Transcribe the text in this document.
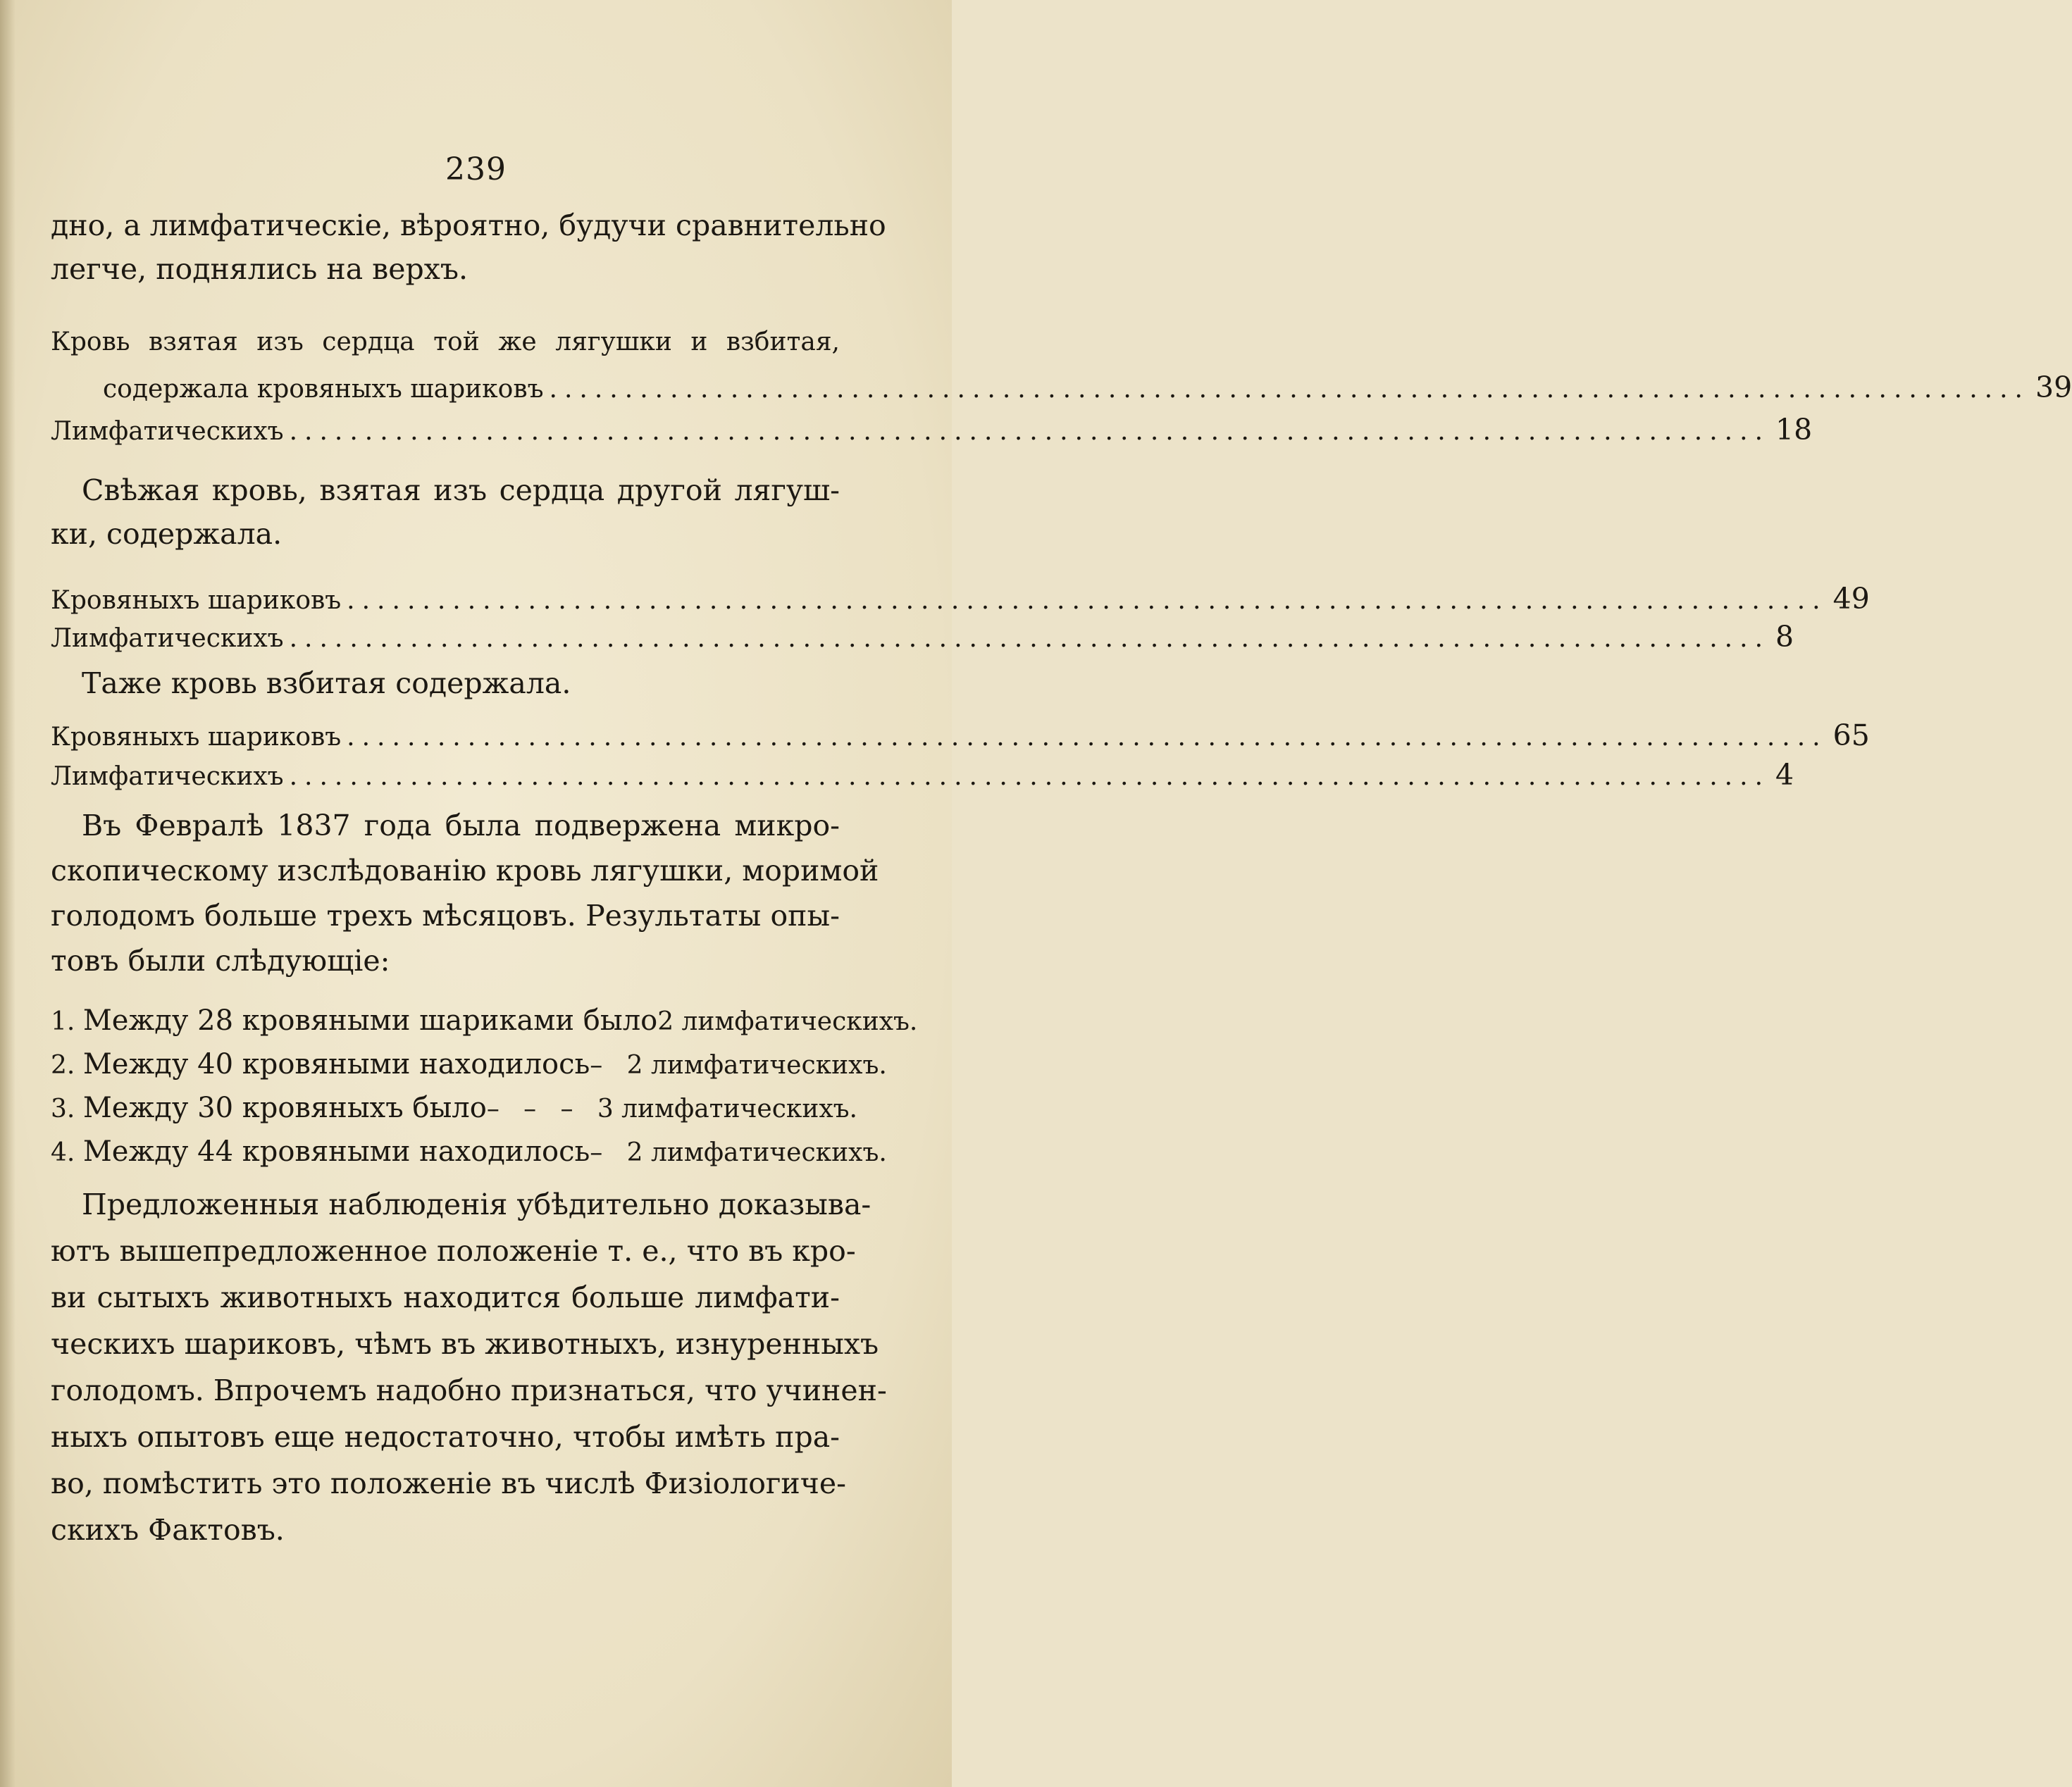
239
дно, а лимфатическiе, вѣроятно, будучи сравнительно
легче, поднялись на верхъ.
Кровь взятая изъ сердца той же лягушки и взбитая,
содержала кровяныхъ шариковъ .................................................................................................. 39
Лимфатическихъ .................................................................................................. 18
Свѣжая кровь, взятая изъ сердца другой лягуш-
ки, содержала.
Кровяныхъ шариковъ .................................................................................................. 49
Лимфатическихъ .................................................................................................. 8
Таже кровь взбитая содержала.
Кровяныхъ шариковъ .................................................................................................. 65
Лимфатическихъ .................................................................................................. 4
Въ Февралѣ 1837 года была подвержена микро-
скопическому изслѣдованiю кровь лягушки, моримой
голодомъ больше трехъ мѣсяцовъ. Результаты опы-
товъ были слѣдующiе:
1. Между 28 кровяными шариками было 2 лимфатическихъ.
2. Между 40 кровяными находилось – 2 лимфатическихъ.
3. Между 30 кровяныхъ было –   –   – 3 лимфатическихъ.
4. Между 44 кровяными находилось – 2 лимфатическихъ.
Предложенныя наблюденiя убѣдительно доказыва-
ютъ вышепредложенное положенiе т. е., что въ кро-
ви сытыхъ животныхъ находится больше лимфати-
ческихъ шариковъ, чѣмъ въ животныхъ, изнуренныхъ
голодомъ. Впрочемъ надобно признаться, что учинен-
ныхъ опытовъ еще недостаточно, чтобы имѣть пра-
во, помѣстить это положенiе въ числѣ Физiологиче-
скихъ Фактовъ.
